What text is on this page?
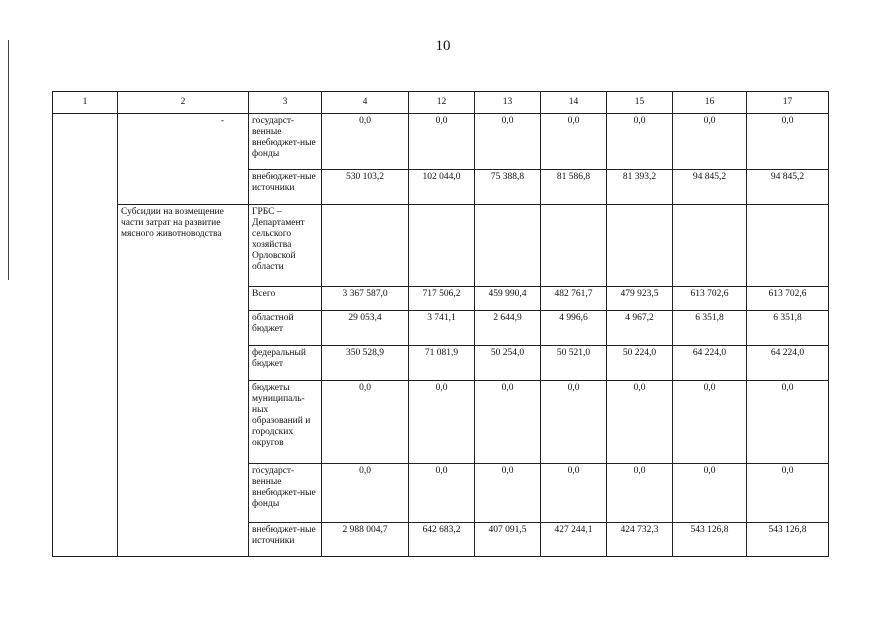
10
1	2	3	4	12	13	14	15	16	17
	-	государст-венные внебюджет-ные фонды	0,0	0,0	0,0	0,0	0,0	0,0	0,0
		внебюджет-ные источники	530 103,2	102 044,0	75 388,8	81 586,8	81 393,2	94 845,2	94 845,2
	Субсидии на возмещение части затрат на развитие мясного животноводства	ГРБС – Департамент сельского хозяйства Орловской области							
		Всего	3 367 587,0	717 506,2	459 990,4	482 761,7	479 923,5	613 702,6	613 702,6
		областной бюджет	29 053,4	3 741,1	2 644,9	4 996,6	4 967,2	6 351,8	6 351,8
		федеральный бюджет	350 528,9	71 081,9	50 254,0	50 521,0	50 224,0	64 224,0	64 224,0
		бюджеты муниципаль-ных образований и городских округов	0,0	0,0	0,0	0,0	0,0	0,0	0,0
		государст-венные внебюджет-ные фонды	0,0	0,0	0,0	0,0	0,0	0,0	0,0
		внебюджет-ные источники	2 988 004,7	642 683,2	407 091,5	427 244,1	424 732,3	543 126,8	543 126,8
